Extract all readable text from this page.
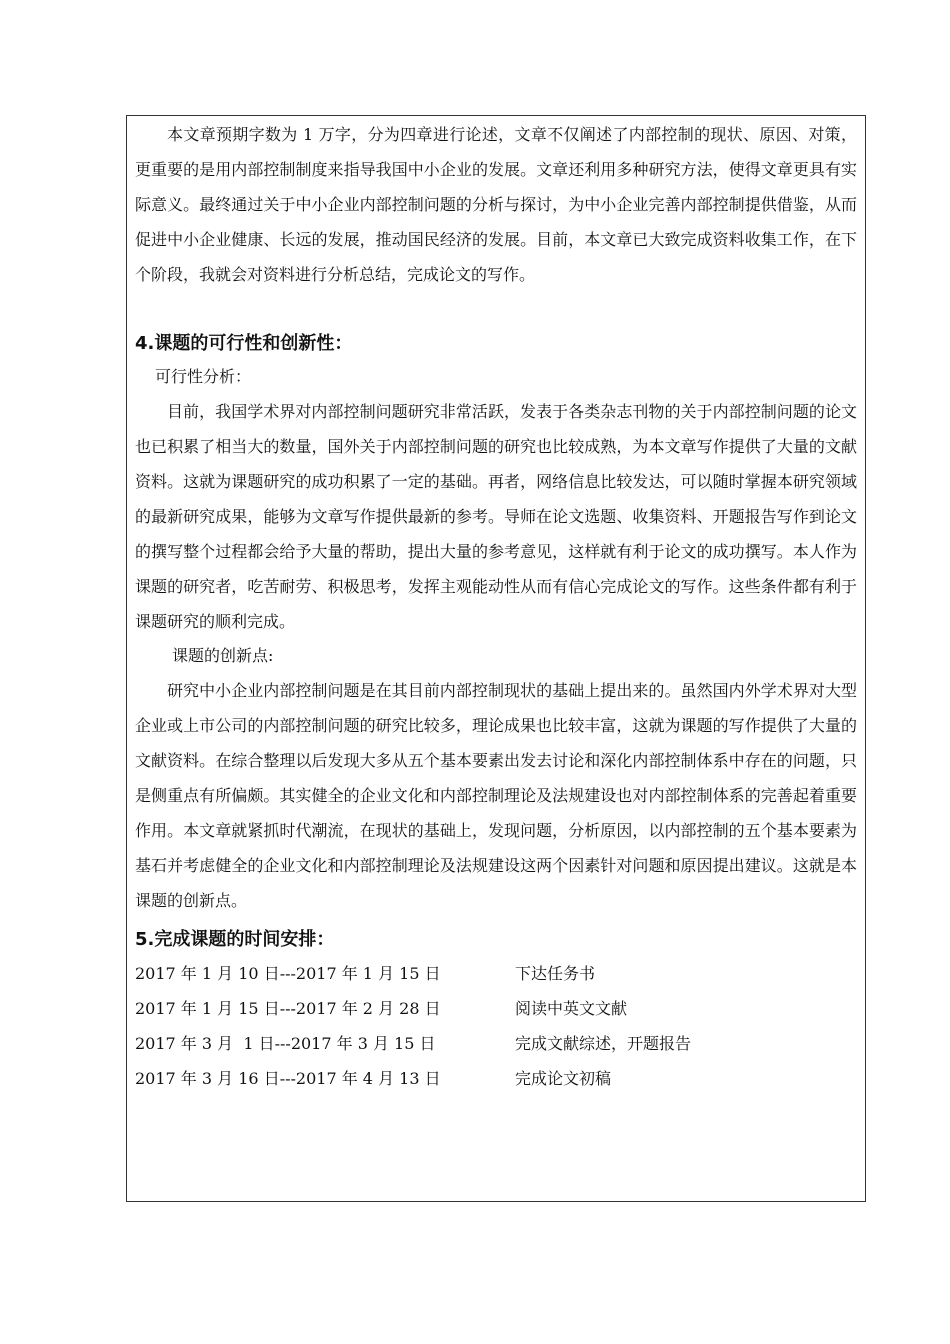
本文章预期字数为 1 万字，分为四章进行论述，文章不仅阐述了内部控制的现状、原因、对策，更重要的是用内部控制制度来指导我国中小企业的发展。文章还利用多种研究方法，使得文章更具有实际意义。最终通过关于中小企业内部控制问题的分析与探讨，为中小企业完善内部控制提供借鉴，从而促进中小企业健康、长远的发展，推动国民经济的发展。目前，本文章已大致完成资料收集工作，在下个阶段，我就会对资料进行分析总结，完成论文的写作。

4.课题的可行性和创新性：

可行性分析：

目前，我国学术界对内部控制问题研究非常活跃，发表于各类杂志刊物的关于内部控制问题的论文也已积累了相当大的数量，国外关于内部控制问题的研究也比较成熟，为本文章写作提供了大量的文献资料。这就为课题研究的成功积累了一定的基础。再者，网络信息比较发达，可以随时掌握本研究领域的最新研究成果，能够为文章写作提供最新的参考。导师在论文选题、收集资料、开题报告写作到论文的撰写整个过程都会给予大量的帮助，提出大量的参考意见，这样就有利于论文的成功撰写。本人作为课题的研究者，吃苦耐劳、积极思考，发挥主观能动性从而有信心完成论文的写作。这些条件都有利于课题研究的顺利完成。

课题的创新点:

研究中小企业内部控制问题是在其目前内部控制现状的基础上提出来的。虽然国内外学术界对大型企业或上市公司的内部控制问题的研究比较多，理论成果也比较丰富，这就为课题的写作提供了大量的文献资料。在综合整理以后发现大多从五个基本要素出发去讨论和深化内部控制体系中存在的问题，只是侧重点有所偏颇。其实健全的企业文化和内部控制理论及法规建设也对内部控制体系的完善起着重要作用。本文章就紧抓时代潮流，在现状的基础上，发现问题，分析原因，以内部控制的五个基本要素为基石并考虑健全的企业文化和内部控制理论及法规建设这两个因素针对问题和原因提出建议。这就是本课题的创新点。

5.完成课题的时间安排：
2017 年 1 月 10 日---2017 年 1 月 15 日	下达任务书
2017 年 1 月 15 日---2017 年 2 月 28 日	阅读中英文文献
2017 年 3 月  1 日---2017 年 3 月 15 日	完成文献综述，开题报告
2017 年 3 月 16 日---2017 年 4 月 13 日	完成论文初稿
